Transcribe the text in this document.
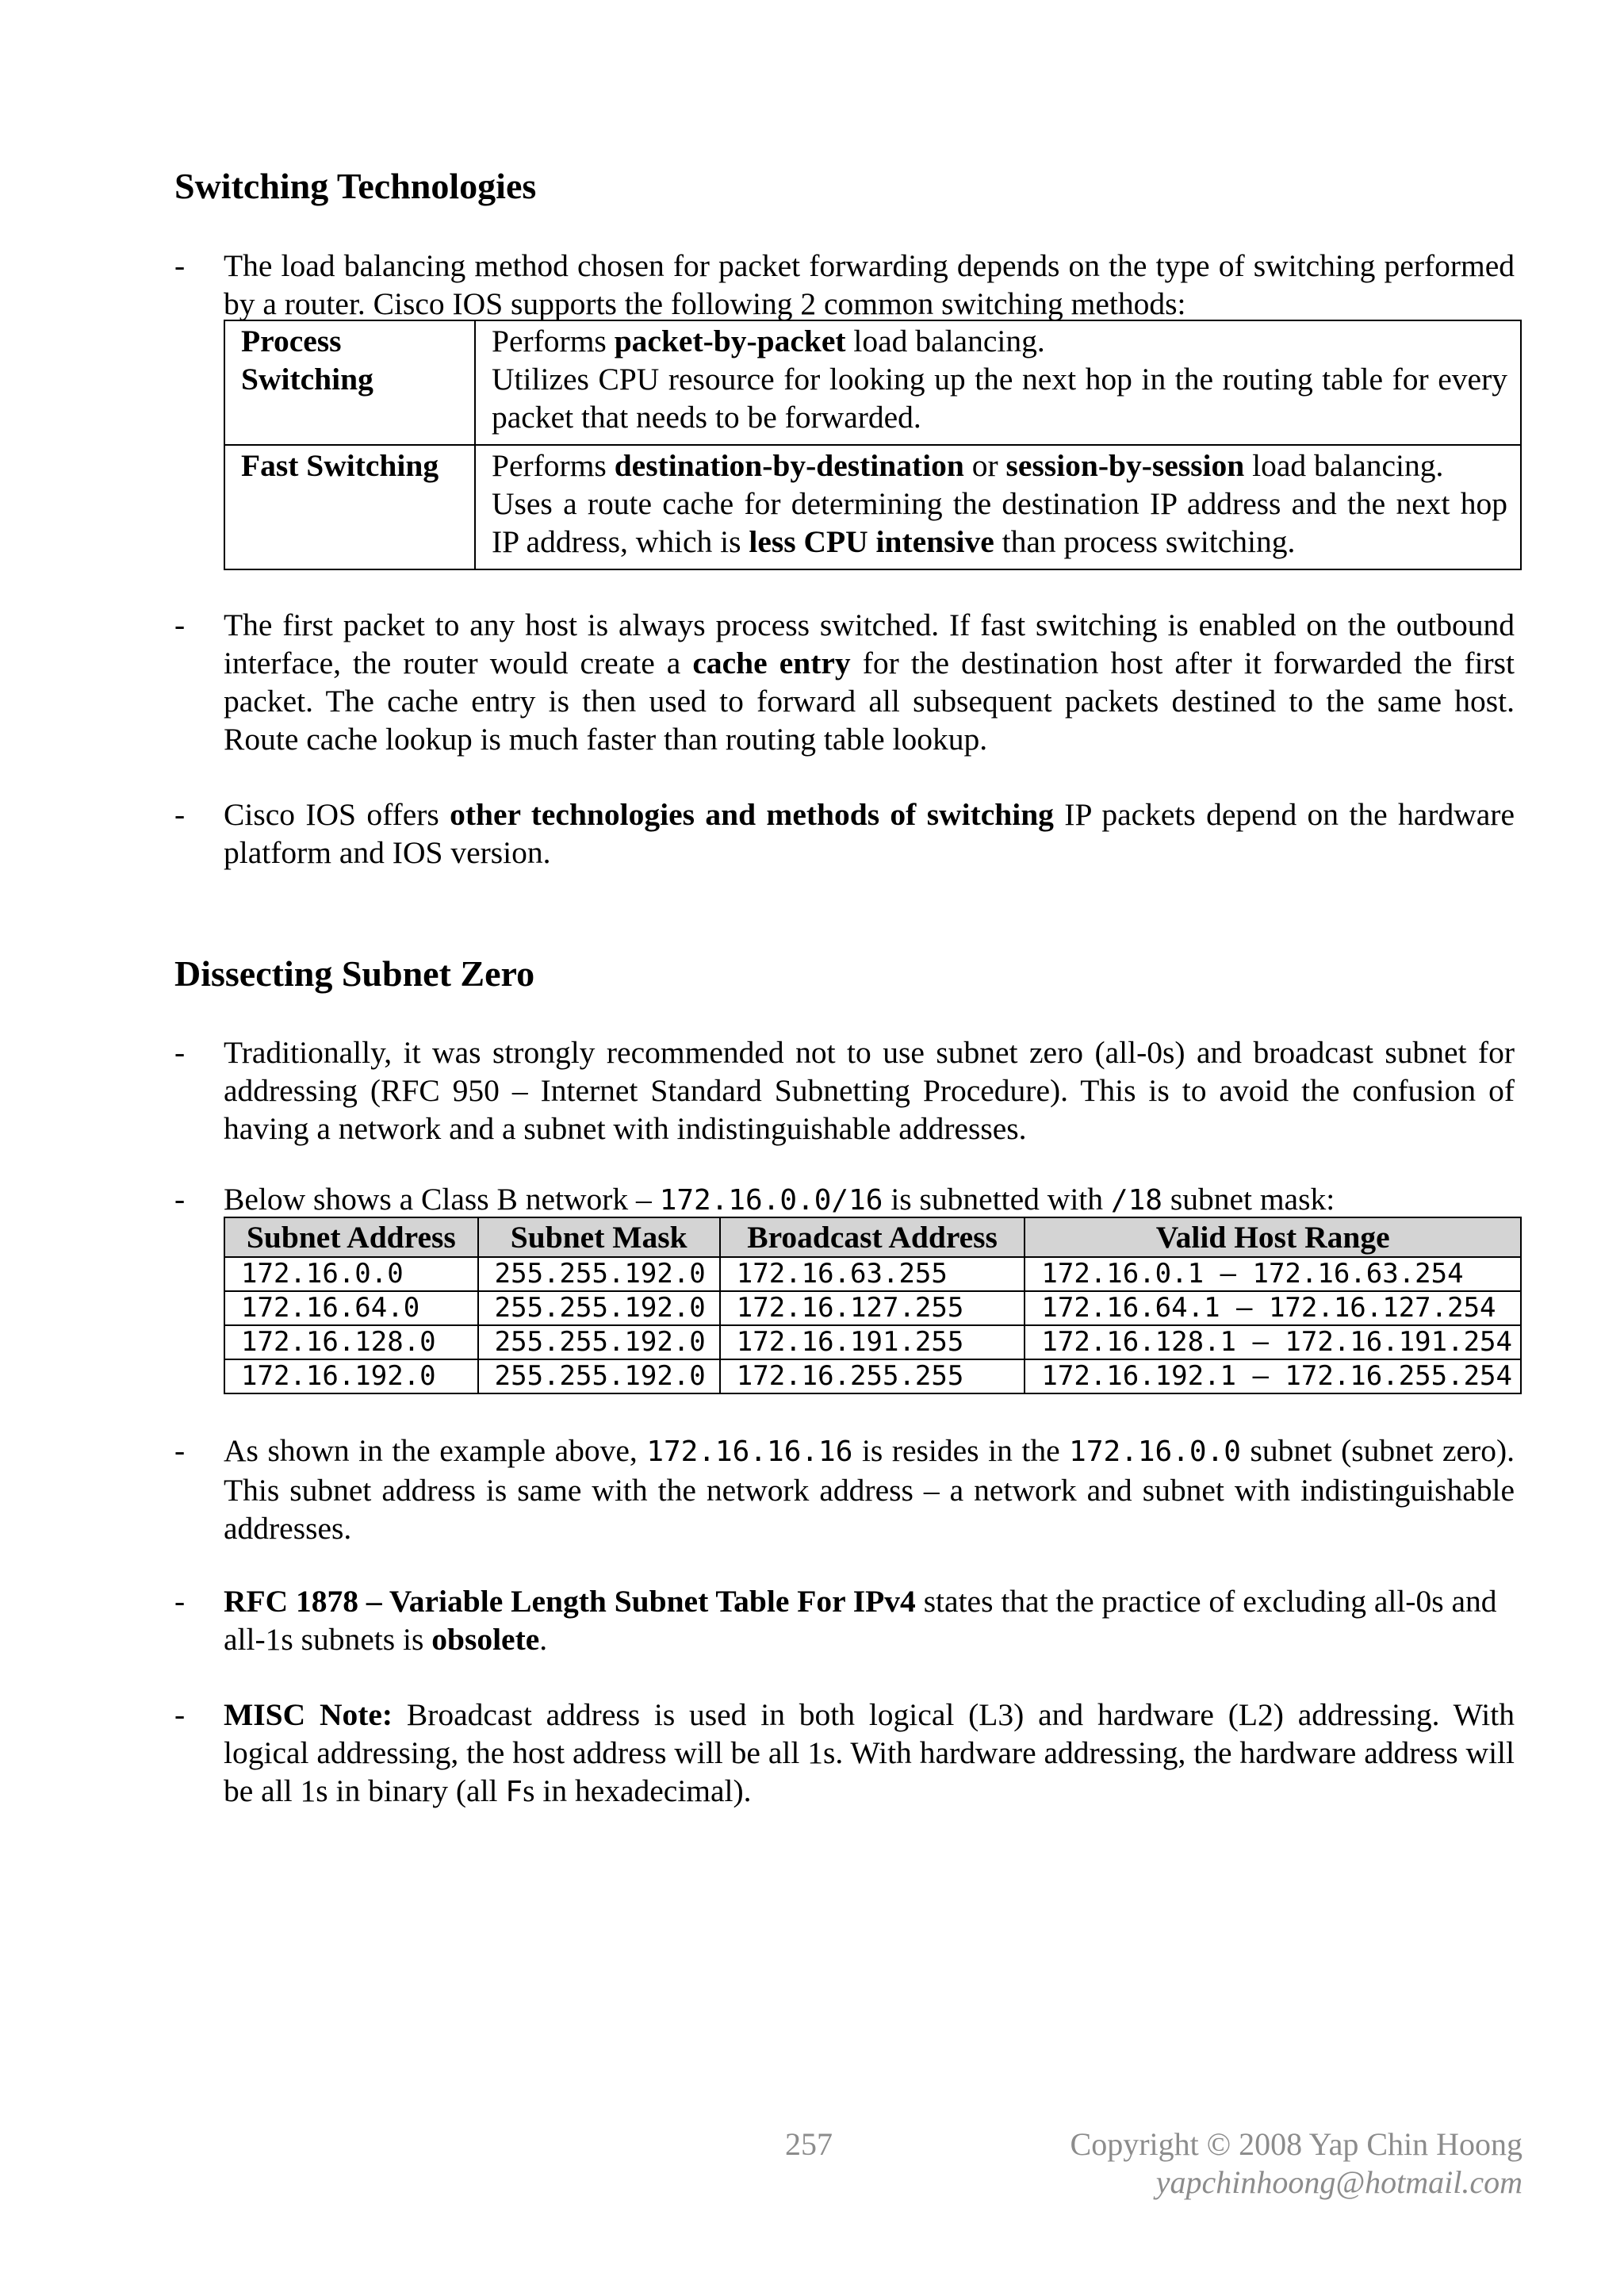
Switching Technologies
-	The load balancing method chosen for packet forwarding depends on the type of switching performed by a router. Cisco IOS supports the following 2 common switching methods:
Process Switching	Performs packet-by-packet load balancing.
Utilizes CPU resource for looking up the next hop in the routing table for every packet that needs to be forwarded.

Fast Switching	Performs destination-by-destination or session-by-session load balancing.
Uses a route cache for determining the destination IP address and the next hop IP address, which is less CPU intensive than process switching.
-	The first packet to any host is always process switched. If fast switching is enabled on the outbound interface, the router would create a cache entry for the destination host after it forwarded the first packet. The cache entry is then used to forward all subsequent packets destined to the same host. Route cache lookup is much faster than routing table lookup.
-	Cisco IOS offers other technologies and methods of switching IP packets depend on the hardware platform and IOS version.
Dissecting Subnet Zero
-	Traditionally, it was strongly recommended not to use subnet zero (all-0s) and broadcast subnet for addressing (RFC 950 – Internet Standard Subnetting Procedure). This is to avoid the confusion of having a network and a subnet with indistinguishable addresses.
-	Below shows a Class B network – 172.16.0.0/16 is subnetted with /18 subnet mask:
Subnet Address	Subnet Mask	Broadcast Address	Valid Host Range
172.16.0.0	255.255.192.0	172.16.63.255	172.16.0.1 – 172.16.63.254
172.16.64.0	255.255.192.0	172.16.127.255	172.16.64.1 – 172.16.127.254
172.16.128.0	255.255.192.0	172.16.191.255	172.16.128.1 – 172.16.191.254
172.16.192.0	255.255.192.0	172.16.255.255	172.16.192.1 – 172.16.255.254
-	As shown in the example above, 172.16.16.16 is resides in the 172.16.0.0 subnet (subnet zero). This subnet address is same with the network address – a network and subnet with indistinguishable addresses.
-	RFC 1878 – Variable Length Subnet Table For IPv4 states that the practice of excluding all-0s and all-1s subnets is obsolete.
-	MISC Note: Broadcast address is used in both logical (L3) and hardware (L2) addressing. With logical addressing, the host address will be all 1s. With hardware addressing, the hardware address will be all 1s in binary (all Fs in hexadecimal).
257	Copyright © 2008 Yap Chin Hoong
yapchinhoong@hotmail.com
